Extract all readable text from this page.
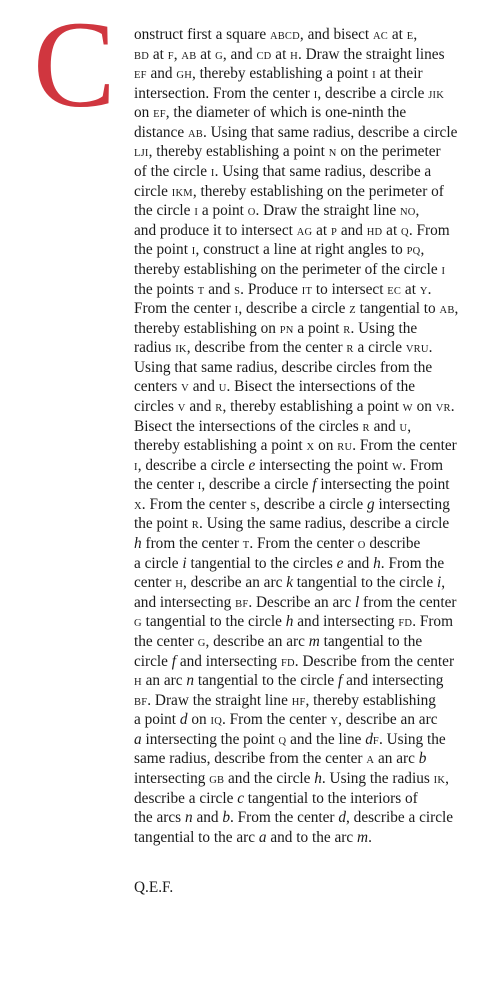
C onstruct first a square ABCD, and bisect AC at E,
BD at F, AB at G, and CD at H. Draw the straight lines
EF and GH, thereby establishing a point I at their
intersection. From the center I, describe a circle JIK
on EF, the diameter of which is one-ninth the
distance AB. Using that same radius, describe a circle
LJI, thereby establishing a point N on the perimeter
of the circle I. Using that same radius, describe a
circle IKM, thereby establishing on the perimeter of
the circle I a point O. Draw the straight line NO,
and produce it to intersect AG at P and HD at Q. From
the point I, construct a line at right angles to PQ,
thereby establishing on the perimeter of the circle I
the points T and S. Produce IT to intersect EC at Y.
From the center I, describe a circle Z tangential to AB,
thereby establishing on PN a point R. Using the
radius IK, describe from the center R a circle VRU.
Using that same radius, describe circles from the
centers V and U. Bisect the intersections of the
circles V and R, thereby establishing a point W on VR.
Bisect the intersections of the circles R and U,
thereby establishing a point X on RU. From the center
I, describe a circle e intersecting the point W. From
the center I, describe a circle f intersecting the point
X. From the center S, describe a circle g intersecting
the point R. Using the same radius, describe a circle
h from the center T. From the center O describe
a circle i tangential to the circles e and h. From the
center H, describe an arc k tangential to the circle i,
and intersecting BF. Describe an arc l from the center
G tangential to the circle h and intersecting FD. From
the center G, describe an arc m tangential to the
circle f and intersecting FD. Describe from the center
H an arc n tangential to the circle f and intersecting
BF. Draw the straight line HF, thereby establishing
a point d on IQ. From the center Y, describe an arc
a intersecting the point Q and the line dF. Using the
same radius, describe from the center A an arc b
intersecting GB and the circle h. Using the radius IK,
describe a circle c tangential to the interiors of
the arcs n and b. From the center d, describe a circle
tangential to the arc a and to the arc m.
Q.E.F.
